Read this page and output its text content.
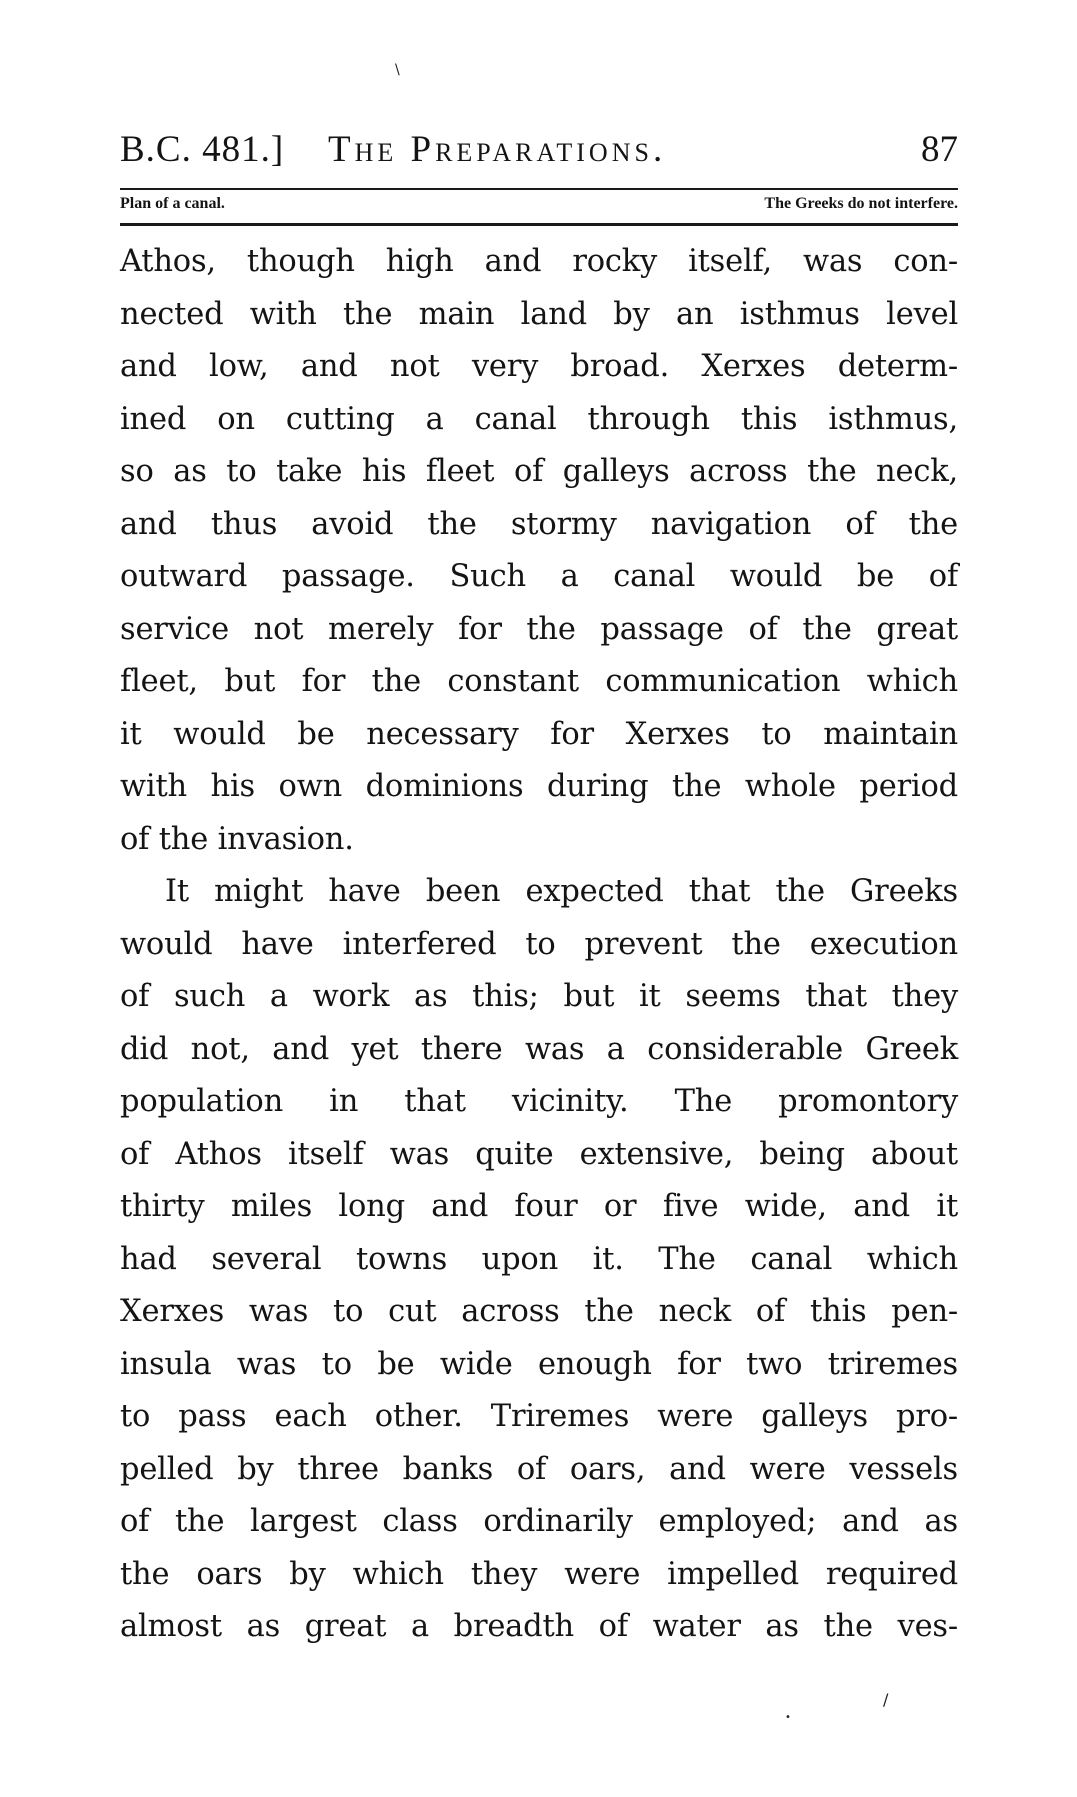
\
B.C. 481.] The Preparations.	87
Plan of a canal.	The Greeks do not interfere.
Athos, though high and rocky itself, was con-
nected with the main land by an isthmus level
and low, and not very broad. Xerxes determ-
ined on cutting a canal through this isthmus,
so as to take his fleet of galleys across the neck,
and thus avoid the stormy navigation of the
outward passage. Such a canal would be of
service not merely for the passage of the great
fleet, but for the constant communication which
it would be necessary for Xerxes to maintain
with his own dominions during the whole period
of the invasion.
It might have been expected that the Greeks
would have interfered to prevent the execution
of such a work as this; but it seems that they
did not, and yet there was a considerable Greek
population in that vicinity. The promontory
of Athos itself was quite extensive, being about
thirty miles long and four or five wide, and it
had several towns upon it. The canal which
Xerxes was to cut across the neck of this pen-
insula was to be wide enough for two triremes
to pass each other. Triremes were galleys pro-
pelled by three banks of oars, and were vessels
of the largest class ordinarily employed; and as
the oars by which they were impelled required
almost as great a breadth of water as the ves-
•
/
